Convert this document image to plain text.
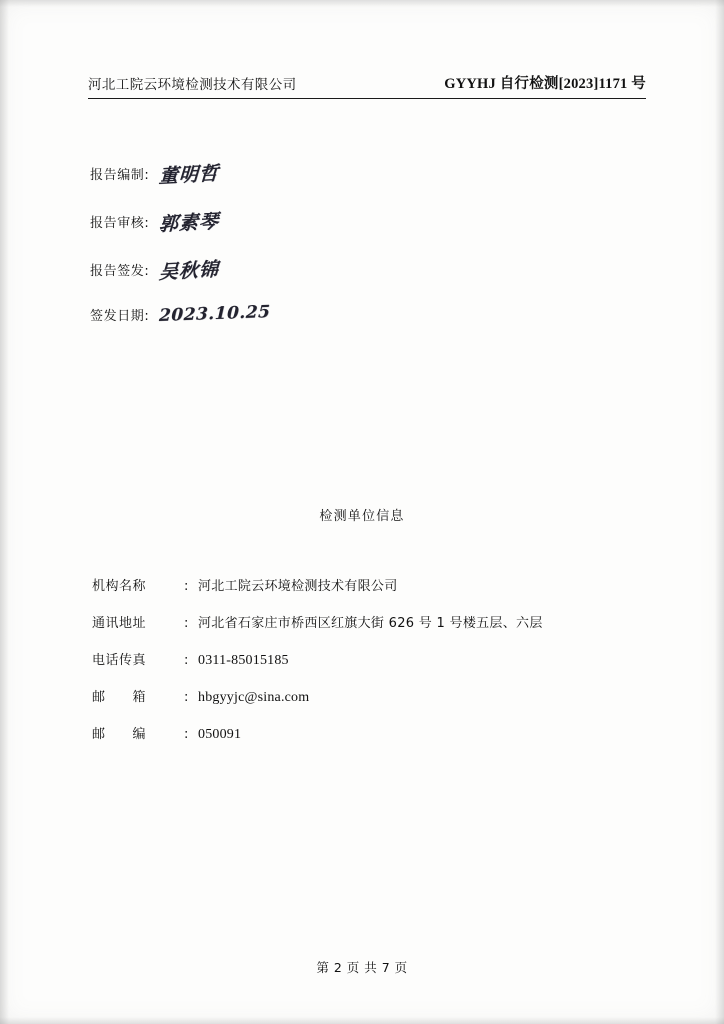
河北工院云环境检测技术有限公司	GYYHJ 自行检测[2023]1171 号
报告编制: 董明哲
报告审核: 郭素琴
报告签发: 吴秋锦
签发日期: 2023.10.25
检测单位信息
机构名称	: 河北工院云环境检测技术有限公司
通讯地址	: 河北省石家庄市桥西区红旗大街 626 号 1 号楼五层、六层
电话传真	: 0311-85015185
邮　　箱	: hbgyyjc@sina.com
邮　　编	: 050091
第 2 页 共 7 页
